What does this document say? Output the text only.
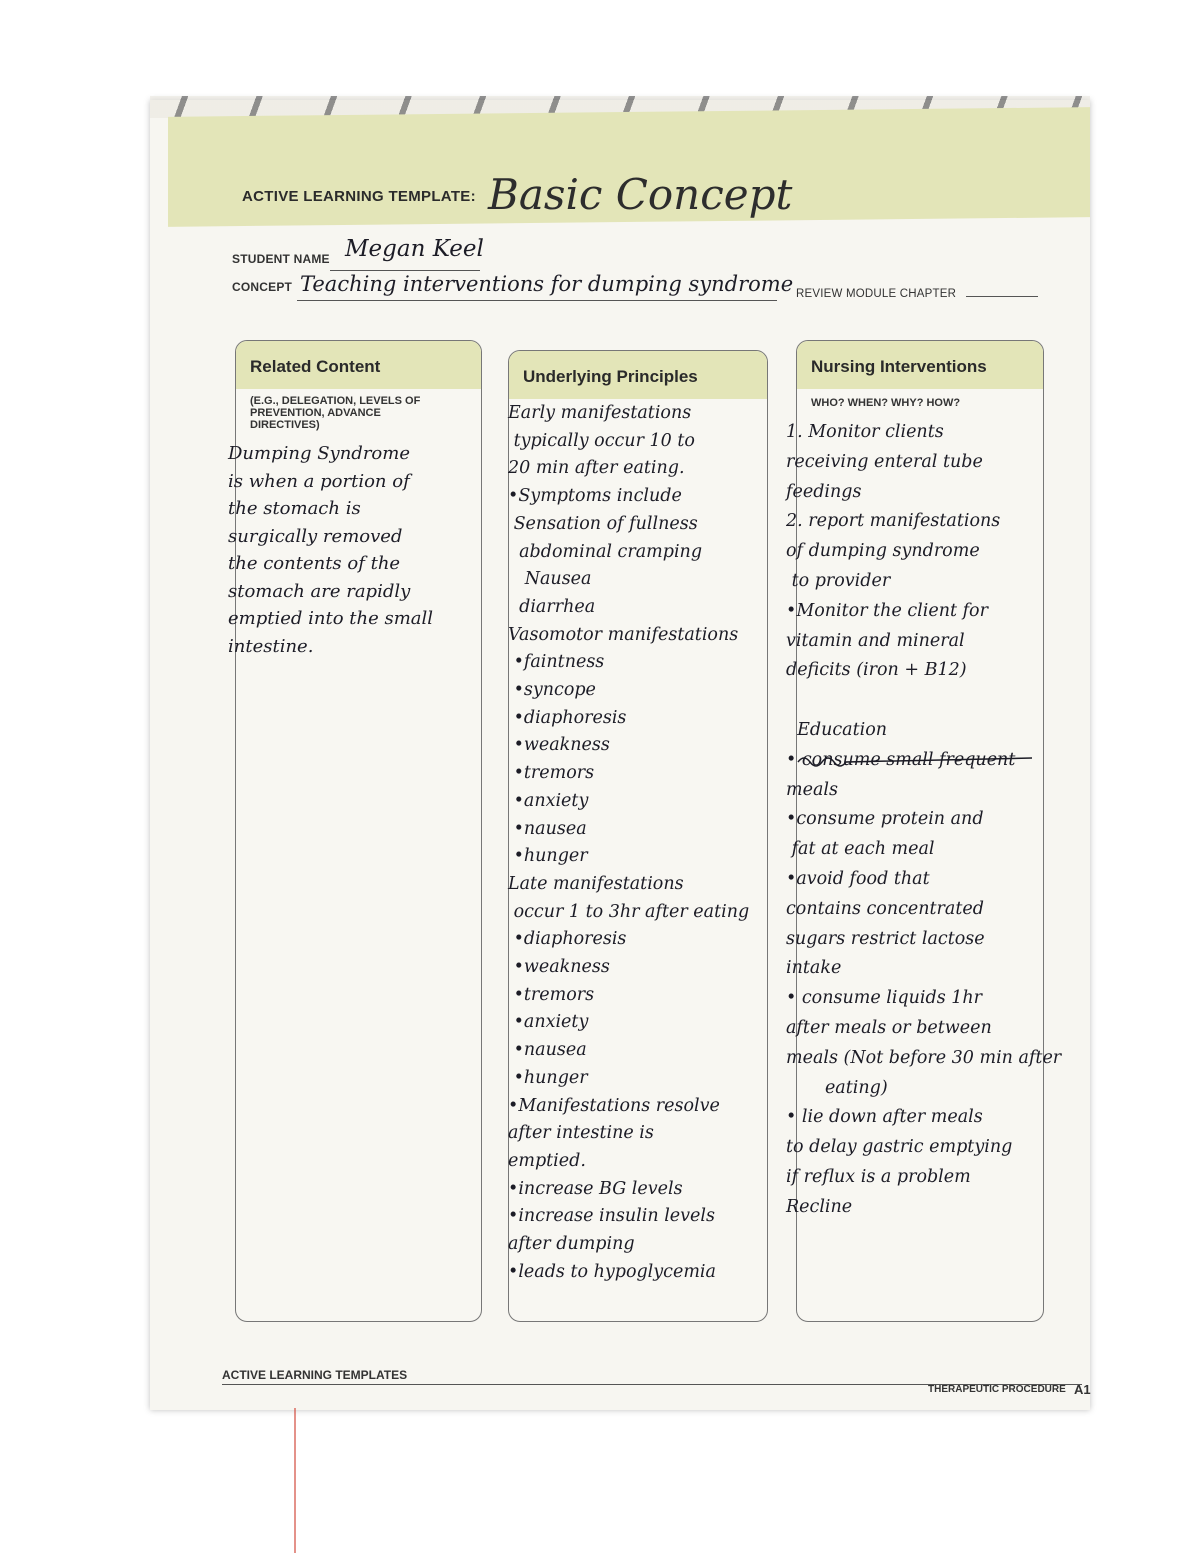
ACTIVE LEARNING TEMPLATE: Basic Concept
STUDENT NAME Megan Keel
CONCEPT Teaching interventions for dumping syndrome REVIEW MODULE CHAPTER
Related Content
(E.G., DELEGATION, LEVELS OF PREVENTION, ADVANCE DIRECTIVES)
Dumping Syndrome
is when a portion of
the stomach is
surgically removed
the contents of the
stomach are rapidly
emptied into the small
intestine.
Underlying Principles
Early manifestations
typically occur 10 to
20 min after eating.
•Symptoms include
Sensation of fullness
abdominal cramping
Nausea
diarrhea
Vasomotor manifestations
•faintness
•syncope
•diaphoresis
•weakness
•tremors
•anxiety
•nausea
•hunger
Late manifestations
occur 1 to 3hr after eating
•diaphoresis
•weakness
•tremors
•anxiety
•nausea
•hunger
•Manifestations resolve
after intestine is
emptied.
•increase BG levels
•increase insulin levels
after dumping
•leads to hypoglycemia
Nursing Interventions
WHO? WHEN? WHY? HOW?
1. Monitor clients
receiving enteral tube
feedings
2. report manifestations
of dumping syndrome
to provider
•Monitor the client for
vitamin and mineral
deficits (iron + B12)

Education
• consume small frequent
meals
•consume protein and
fat at each meal
•avoid food that
contains concentrated
sugars restrict lactose
intake
• consume liquids 1hr
after meals or between
meals (Not before 30 min after
eating)
• lie down after meals
to delay gastric emptying
if reflux is a problem
Recline
ACTIVE LEARNING TEMPLATES
THERAPEUTIC PROCEDURE A1
